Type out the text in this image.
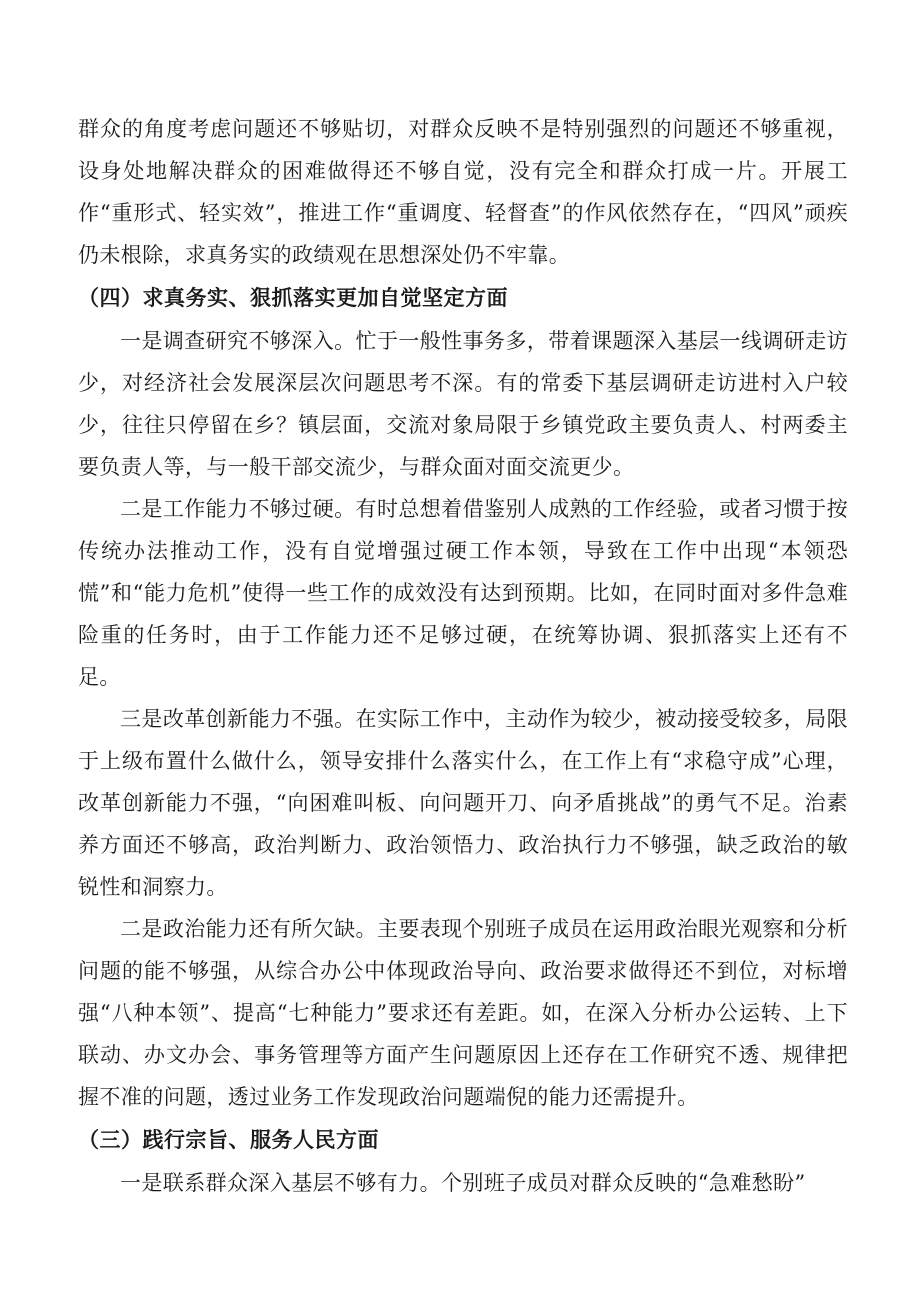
群众的角度考虑问题还不够贴切，对群众反映不是特别强烈的问题还不够重视，设身处地解决群众的困难做得还不够自觉，没有完全和群众打成一片。开展工作“重形式、轻实效”，推进工作“重调度、轻督查”的作风依然存在，“四风”顽疾仍未根除，求真务实的政绩观在思想深处仍不牢靠。

（四）求真务实、狠抓落实更加自觉坚定方面

一是调查研究不够深入。忙于一般性事务多，带着课题深入基层一线调研走访少，对经济社会发展深层次问题思考不深。有的常委下基层调研走访进村入户较少，往往只停留在乡？镇层面，交流对象局限于乡镇党政主要负责人、村两委主要负责人等，与一般干部交流少，与群众面对面交流更少。

二是工作能力不够过硬。有时总想着借鉴别人成熟的工作经验，或者习惯于按传统办法推动工作，没有自觉增强过硬工作本领，导致在工作中出现“本领恐慌”和“能力危机”使得一些工作的成效没有达到预期。比如，在同时面对多件急难险重的任务时，由于工作能力还不足够过硬，在统筹协调、狠抓落实上还有不足。

三是改革创新能力不强。在实际工作中，主动作为较少，被动接受较多，局限于上级布置什么做什么，领导安排什么落实什么，在工作上有“求稳守成”心理，改革创新能力不强，“向困难叫板、向问题开刀、向矛盾挑战”的勇气不足。治素养方面还不够高，政治判断力、政治领悟力、政治执行力不够强，缺乏政治的敏锐性和洞察力。

二是政治能力还有所欠缺。主要表现个别班子成员在运用政治眼光观察和分析问题的能不够强，从综合办公中体现政治导向、政治要求做得还不到位，对标增强“八种本领”、提高“七种能力”要求还有差距。如，在深入分析办公运转、上下联动、办文办会、事务管理等方面产生问题原因上还存在工作研究不透、规律把握不准的问题，透过业务工作发现政治问题端倪的能力还需提升。

（三）践行宗旨、服务人民方面

一是联系群众深入基层不够有力。个别班子成员对群众反映的“急难愁盼”
